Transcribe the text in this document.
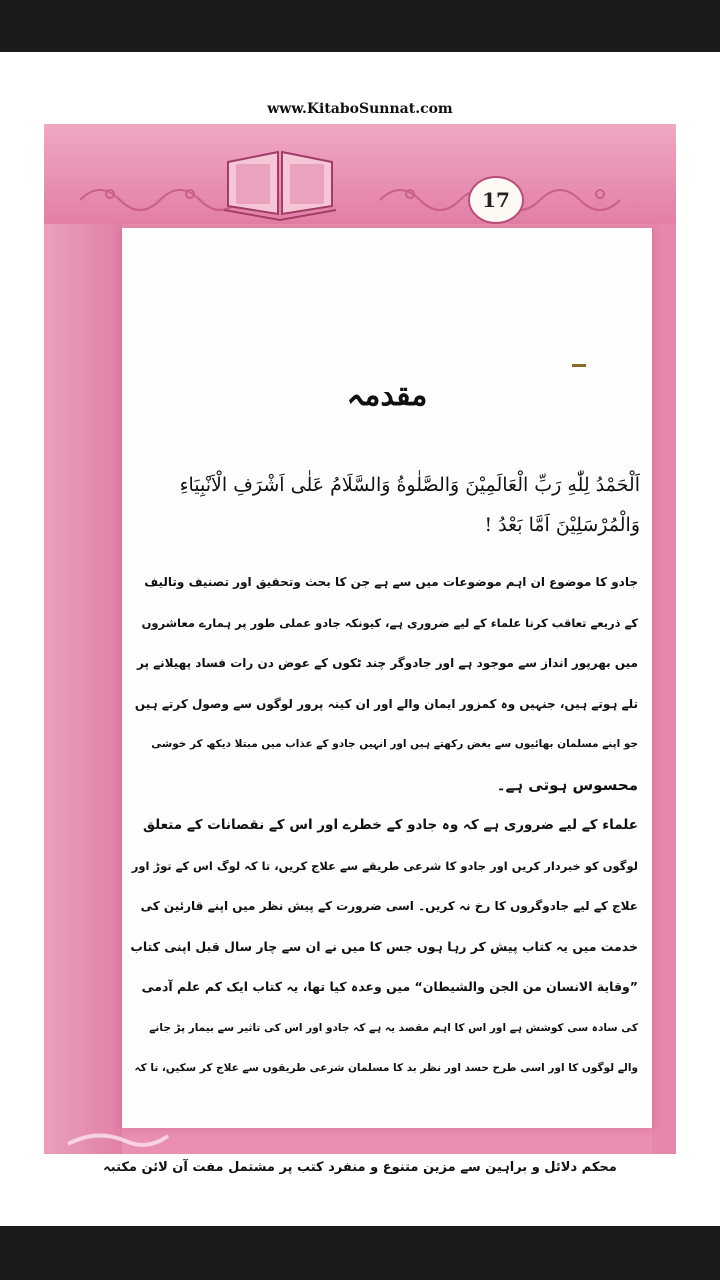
www.KitaboSunnat.com
17
مقدمہ
اَلْحَمْدُ لِلّٰهِ رَبِّ الْعَالَمِيْنَ وَالصَّلٰوةُ وَالسَّلَامُ عَلٰى اَشْرَفِ الْاَنْبِيَاءِ
وَالْمُرْسَلِيْنَ اَمَّا بَعْدُ !
جادو کا موضوع ان اہم موضوعات میں سے ہے جن کا بحث وتحقیق اور تصنیف وتالیف
کے ذریعے تعاقب کرنا علماء کے لیے ضروری ہے، کیونکہ جادو عملی طور پر ہمارے معاشروں
میں بھرپور انداز سے موجود ہے اور جادوگر چند ٹکوں کے عوض دن رات فساد پھیلانے پر
تلے ہوتے ہیں، جنہیں وہ کمزور ایمان والے اور ان کینہ پرور لوگوں سے وصول کرتے ہیں
جو اپنے مسلمان بھائیوں سے بغض رکھتے ہیں اور انہیں جادو کے عذاب میں مبتلا دیکھ کر خوشی
محسوس ہوتی ہے۔
علماء کے لیے ضروری ہے کہ وہ جادو کے خطرے اور اس کے نقصانات کے متعلق
لوگوں کو خبردار کریں اور جادو کا شرعی طریقے سے علاج کریں، تا کہ لوگ اس کے توڑ اور
علاج کے لیے جادوگروں کا رخ نہ کریں۔ اسی ضرورت کے پیش نظر میں اپنے قارئین کی
خدمت میں یہ کتاب پیش کر رہا ہوں جس کا میں نے ان سے چار سال قبل اپنی کتاب
”وقاية الانسان من الجن والشيطان“ میں وعدہ کیا تھا، یہ کتاب ایک کم علم آدمی
کی سادہ سی کوشش ہے اور اس کا اہم مقصد یہ ہے کہ جادو اور اس کی تاثیر سے بیمار پڑ جانے
والے لوگوں کا اور اسی طرح حسد اور نظر بد کا مسلمان شرعی طریقوں سے علاج کر سکیں، تا کہ
محکم دلائل و براہین سے مزین متنوع و منفرد کتب پر مشتمل مفت آن لائن مکتبہ
